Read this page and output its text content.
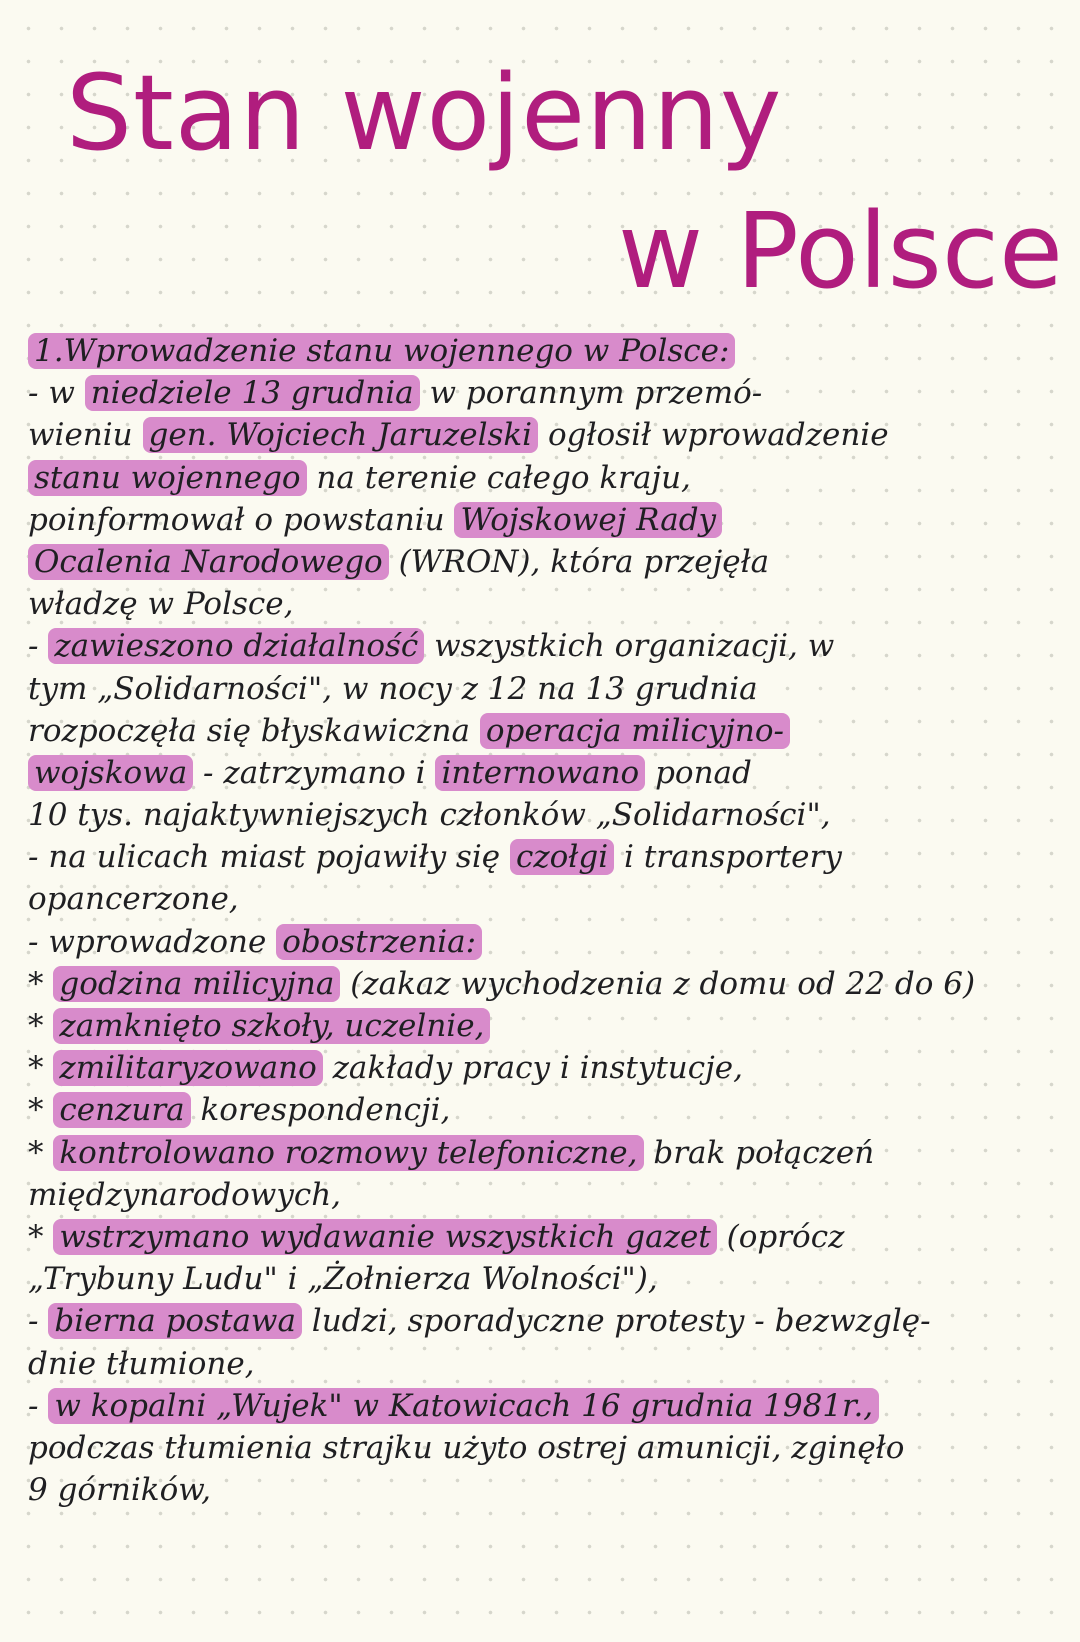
Stan wojenny
w Polsce
1.Wprowadzenie stanu wojennego w Polsce:
- w niedziele 13 grudnia w porannym przemó-
wieniu gen. Wojciech Jaruzelski ogłosił wprowadzenie
stanu wojennego na terenie całego kraju,
poinformował o powstaniu Wojskowej Rady
Ocalenia Narodowego (WRON), która przejęła
władzę w Polsce,
- zawieszono działalność wszystkich organizacji, w
tym „Solidarności", w nocy z 12 na 13 grudnia
rozpoczęła się błyskawiczna operacja milicyjno-
wojskowa - zatrzymano i internowano ponad
10 tys. najaktywniejszych członków „Solidarności",
- na ulicach miast pojawiły się czołgi i transportery
opancerzone,
- wprowadzone obostrzenia:
* godzina milicyjna (zakaz wychodzenia z domu od 22 do 6)
* zamknięto szkoły, uczelnie,
* zmilitaryzowano zakłady pracy i instytucje,
* cenzura korespondencji,
* kontrolowano rozmowy telefoniczne, brak połączeń
międzynarodowych,
* wstrzymano wydawanie wszystkich gazet (oprócz
„Trybuny Ludu" i „Żołnierza Wolności"),
- bierna postawa ludzi, sporadyczne protesty - bezwzglę-
dnie tłumione,
- w kopalni „Wujek" w Katowicach 16 grudnia 1981r.,
podczas tłumienia strajku użyto ostrej amunicji, zginęło
9 górników,
